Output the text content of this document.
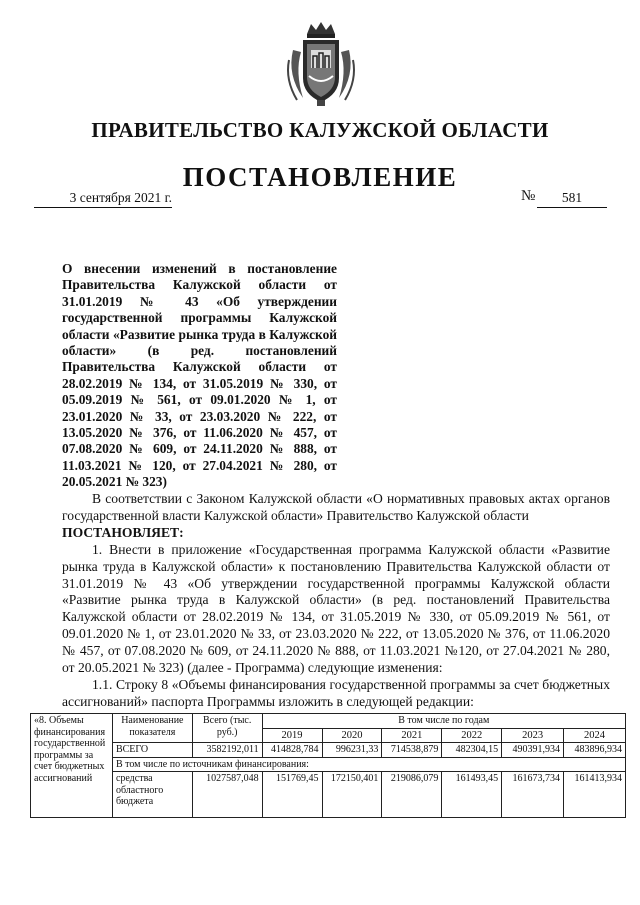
ПРАВИТЕЛЬСТВО КАЛУЖСКОЙ ОБЛАСТИ
ПОСТАНОВЛЕНИЕ
3 сентября 2021 г.	№	581
О внесении изменений в постановление Правительства Калужской области от 31.01.2019 № 43 «Об утверждении государственной программы Калужской области «Развитие рынка труда в Калужской области» (в ред. постановлений Правительства Калужской области от 28.02.2019 № 134, от 31.05.2019 № 330, от 05.09.2019 № 561, от 09.01.2020 № 1, от 23.01.2020 № 33, от 23.03.2020 № 222, от 13.05.2020 № 376, от 11.06.2020 № 457, от 07.08.2020 № 609, от 24.11.2020 № 888, от 11.03.2021 № 120, от 27.04.2021 № 280, от 20.05.2021 № 323)

В соответствии с Законом Калужской области «О нормативных правовых актах органов государственной власти Калужской области» Правительство Калужской области

ПОСТАНОВЛЯЕТ:

1. Внести в приложение «Государственная программа Калужской области «Развитие рынка труда в Калужской области» к постановлению Правительства Калужской области от 31.01.2019 № 43 «Об утверждении государственной программы Калужской области «Развитие рынка труда в Калужской области» (в ред. постановлений Правительства Калужской области от 28.02.2019 № 134, от 31.05.2019 № 330, от 05.09.2019 № 561, от 09.01.2020 № 1, от 23.01.2020 № 33, от 23.03.2020 № 222, от 13.05.2020 № 376, от 11.06.2020 № 457, от 07.08.2020 № 609, от 24.11.2020 № 888, от 11.03.2021 №120, от 27.04.2021 № 280, от 20.05.2021 № 323) (далее - Программа) следующие изменения:

1.1. Строку 8 «Объемы финансирования государственной программы за счет бюджетных ассигнований» паспорта Программы изложить в следующей редакции:

«8. Объемы финансирования государственной программы за счет бюджетных ассигнований	Наименование показателя	Всего (тыс. руб.)	В том числе по годам					
			2019	2020	2021	2022	2023	2024
	ВСЕГО	3582192,011	414828,784	996231,33	714538,879	482304,15	490391,934	483896,934
	В том числе по источникам финансирования:							
	средства областного бюджета	1027587,048	151769,45	172150,401	219086,079	161493,45	161673,734	161413,934
